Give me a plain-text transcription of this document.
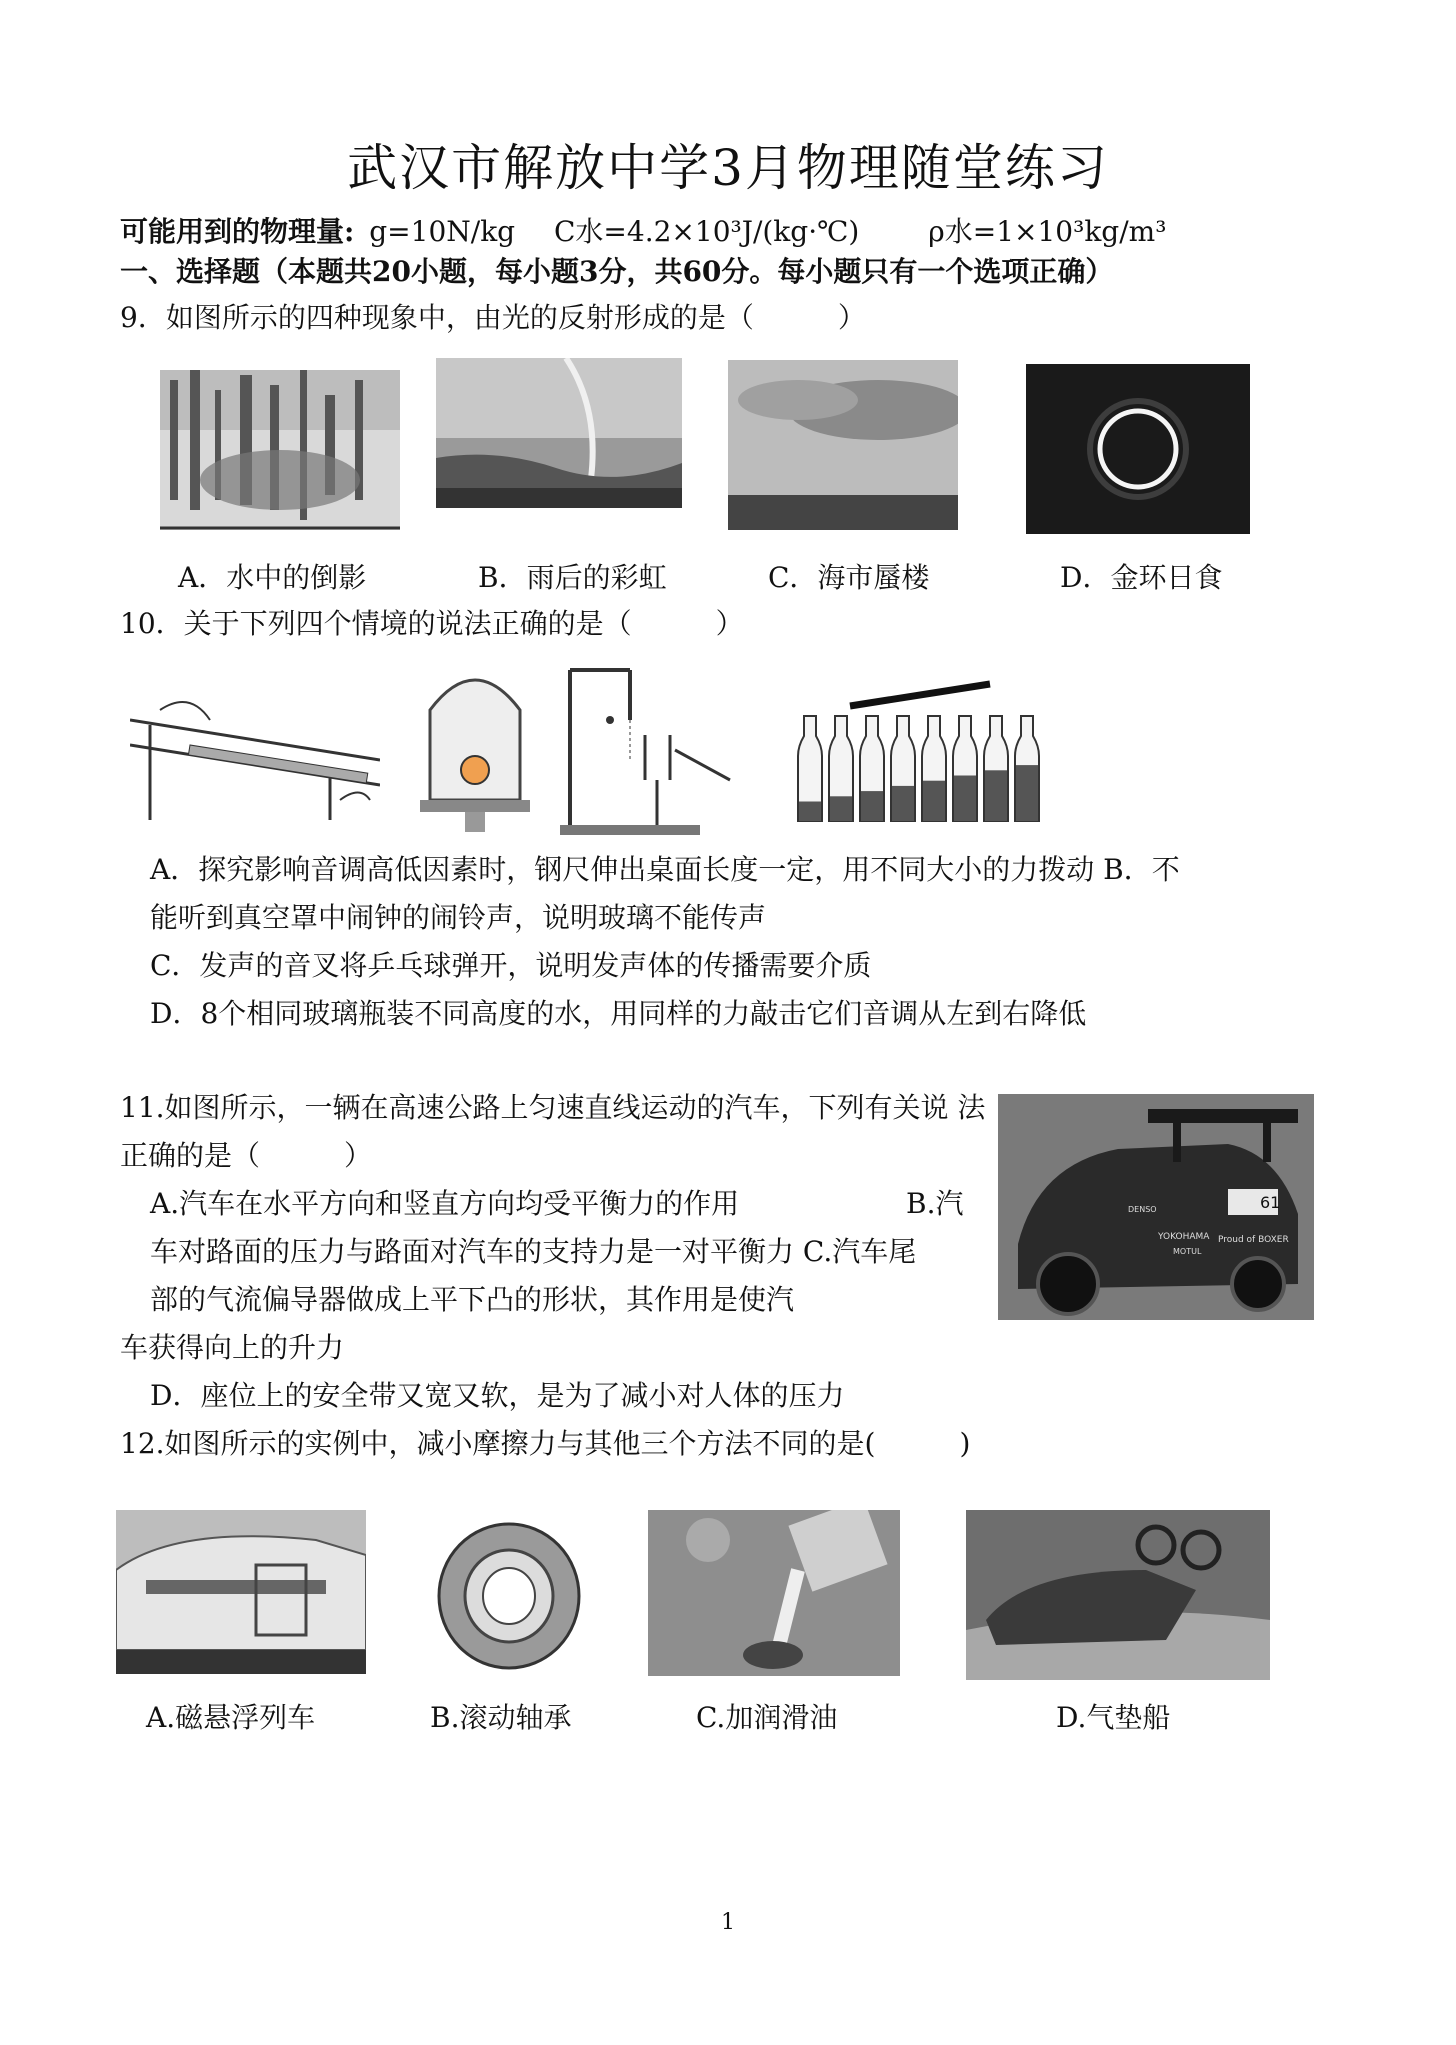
武汉市解放中学3月物理随堂练习
可能用到的物理量: g=10N/kg C水=4.2×10³J/(kg·℃) ρ水=1×10³kg/m³
一、选择题（本题共20小题，每小题3分，共60分。每小题只有一个选项正确）
9．如图所示的四种现象中，由光的反射形成的是（　　　）
A．水中的倒影	B．雨后的彩虹	C．海市蜃楼	D．金环日食
10．关于下列四个情境的说法正确的是（　　　）
A．探究影响音调高低因素时，钢尺伸出桌面长度一定，用不同大小的力拨动 B．不
能听到真空罩中闹钟的闹铃声，说明玻璃不能传声
C．发声的音叉将乒乓球弹开，说明发声体的传播需要介质
D．8个相同玻璃瓶装不同高度的水，用同样的力敲击它们音调从左到右降低
11.如图所示，一辆在高速公路上匀速直线运动的汽车，下列有关说 法
正确的是（　　　）
A.汽车在水平方向和竖直方向均受平衡力的作用	B.汽
车对路面的压力与路面对汽车的支持力是一对平衡力 C.汽车尾
部的气流偏导器做成上平下凸的形状，其作用是使汽
车获得向上的升力
D．座位上的安全带又宽又软，是为了减小对人体的压力
61
YOKOHAMA
MOTUL
Proud of BOXER
DENSO
12.如图所示的实例中，减小摩擦力与其他三个方法不同的是(　　　)
A.磁悬浮列车	B.滚动轴承	C.加润滑油	D.气垫船
1
